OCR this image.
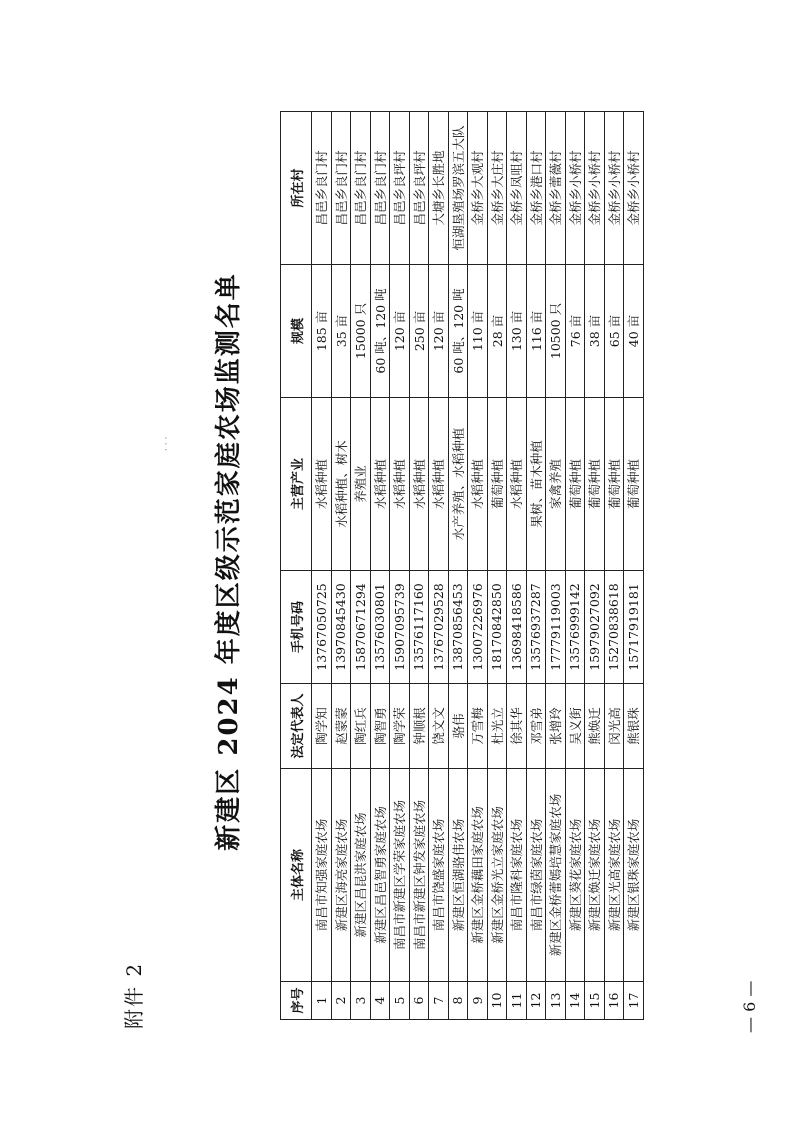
附件 2
· · · 新建区 2024 年度区级示范家庭农场监测名单
序号	主体名称	法定代表人	手机号码	主营产业	规模	所在村
1	南昌市知强家庭农场	陶学知	13767050725	水稻种植	185 亩	昌邑乡良门村
2	新建区海亮家庭农场	赵蒙蒙	13970845430	水稻种植、树木	35 亩	昌邑乡良门村
3	新建区昌昆洪家庭农场	陶红兵	15870671294	养殖业	15000 只	昌邑乡良门村
4	新建区昌邑智勇家庭农场	陶智勇	13576030801	水稻种植	60 吨、120 吨	昌邑乡良门村
5	南昌市新建区学荣家庭农场	陶学荣	15907095739	水稻种植	120 亩	昌邑乡良坪村
6	南昌市新建区钟发家庭农场	钟顺根	13576117160	水稻种植	250 亩	昌邑乡良坪村
7	南昌市饶盛家庭农场	饶文文	13767029528	水稻种植	120 亩	大塘乡长胜地
8	新建区恒湖骆伟农场	骆伟	13870856453	水产养殖、水稻种植	60 吨、120 吨	恒湖垦殖场罗滨五大队
9	新建区金桥藕田家庭农场	万雪梅	13007226976	水稻种植	110 亩	金桥乡大观村
10	新建区金桥光立家庭农场	杜光立	18170842850	葡萄种植	28 亩	金桥乡大庄村
11	南昌市隆科家庭农场	徐其华	13698418586	水稻种植	130 亩	金桥乡凤咀村
12	南昌市绿茵家庭农场	邓雪弟	13576937287	果树、苗木种植	116 亩	金桥乡港口村
13	新建区金桥蕾嫣培慧家庭农场	张增玲	17779119003	家禽养殖	10500 只	金桥乡蕾薇村
14	新建区葵花家庭农场	吴义街	13576999142	葡萄种植	76 亩	金桥乡小桥村
15	新建区焕迁家庭农场	熊焕迁	15979027092	葡萄种植	38 亩	金桥乡小桥村
16	新建区光高家庭农场	闵光高	15270838618	葡萄种植	65 亩	金桥乡小桥村
17	新建区银珠家庭农场	熊银珠	15717919181	葡萄种植	40 亩	金桥乡小桥村
— 6 —
